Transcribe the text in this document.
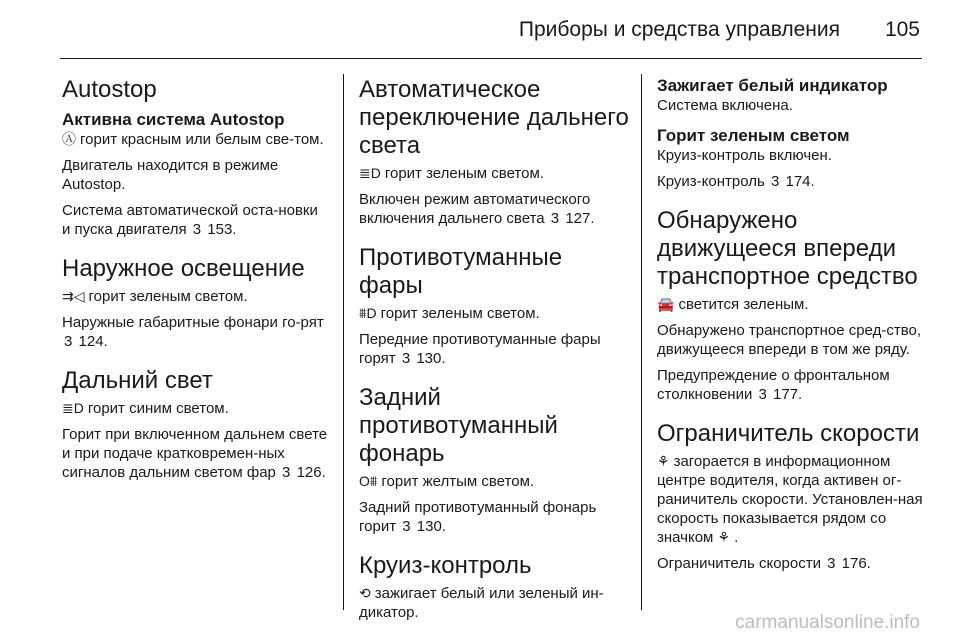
Приборы и средства управления 105
Autostop
Активна система Autostop

Ⓐ горит красным или белым све-том.

Двигатель находится в режиме Autostop.

Система автоматической оста-новки и пуска двигателя 3 153.

Наружное освещение

⇉◁ горит зеленым светом.

Наружные габаритные фонари го-рят 3 124.

Дальний свет

≣D горит синим светом.

Горит при включенном дальнем свете и при подаче кратковремен-ных сигналов дальним светом фар 3 126.

Автоматическое переключение дальнего света

≣D горит зеленым светом.

Включен режим автоматического включения дальнего света 3 127.

Противотуманные фары

⩩D горит зеленым светом.

Передние противотуманные фары горят 3 130.

Задний противотуманный фонарь

O⩩ горит желтым светом.

Задний противотуманный фонарь горит 3 130.

Круиз-контроль

⟲ зажигает белый или зеленый ин-дикатор.

Зажигает белый индикатор

Система включена.

Горит зеленым светом

Круиз-контроль включен.

Круиз-контроль 3 174.

Обнаружено движущееся впереди транспортное средство

🚘 светится зеленым.

Обнаружено транспортное сред-ство, движущееся впереди в том же ряду.

Предупреждение о фронтальном столкновении 3 177.

Ограничитель скорости

⚘ загорается в информационном центре водителя, когда активен ог-раничитель скорости. Установлен-ная скорость показывается рядом со значком ⚘ .

Ограничитель скорости 3 176.

carmanualsonline.info
